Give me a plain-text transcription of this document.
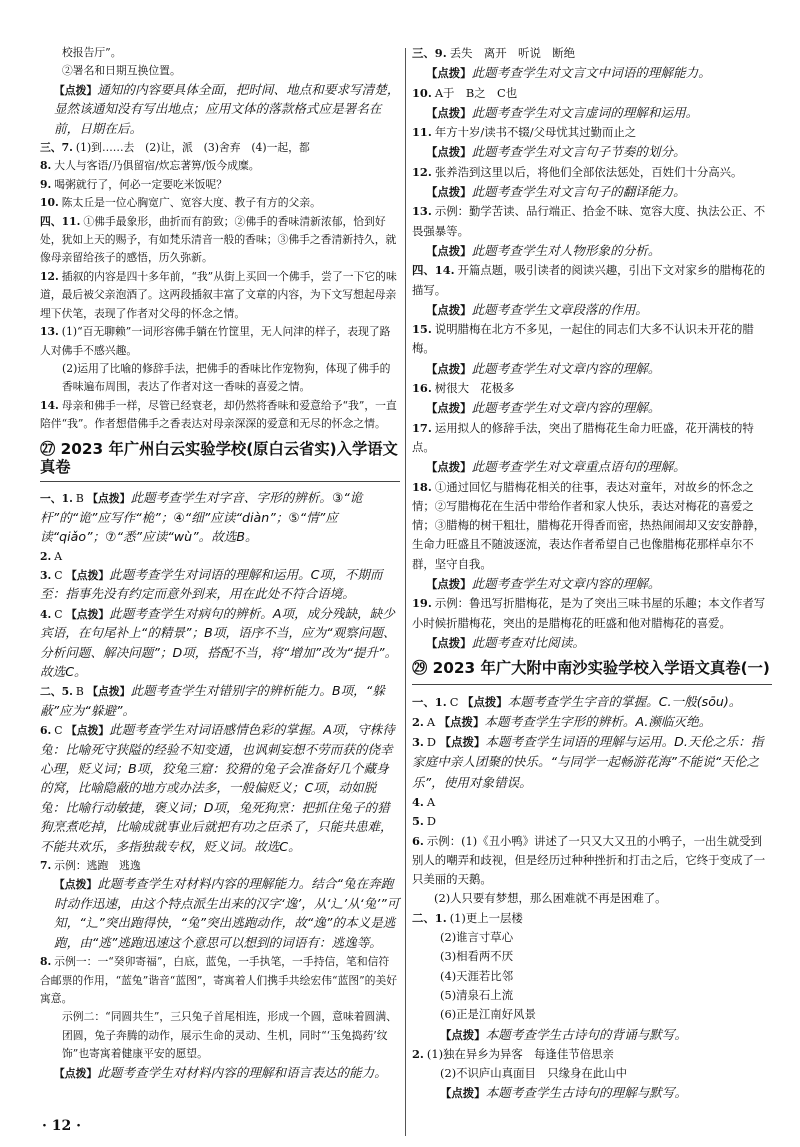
校报告厅”。

②署名和日期互换位置。

【点拨】通知的内容要具体全面，把时间、地点和要求写清楚，显然该通知没有写出地点；应用文体的落款格式应是署名在前，日期在后。

三、7. (1)到……去　(2)让，派　(3)舍弃　(4)一起，都

8. 大人与客语/乃俱留宿/炊忘著箅/饭今成糜。

9. 喝粥就行了，何必一定要吃米饭呢？

10. 陈太丘是一位心胸宽广、宽容大度、教子有方的父亲。

四、11. ①佛手最象形，曲折而有韵致；②佛手的香味清新浓郁，恰到好处，犹如上天的赐予，有如梵乐清音一般的香味；③佛手之香清新持久，就像母亲留给孩子的感悟，历久弥新。

12. 插叙的内容是四十多年前，“我”从街上买回一个佛手，尝了一下它的味道，最后被父亲泡酒了。这两段插叙丰富了文章的内容，为下文写想起母亲埋下伏笔，表现了作者对父母的怀念之情。

13. (1)“百无聊赖”一词形容佛手躺在竹筐里，无人问津的样子，表现了路人对佛手不感兴趣。

(2)运用了比喻的修辞手法，把佛手的香味比作宠物狗，体现了佛手的香味遍布周围，表达了作者对这一香味的喜爱之情。

14. 母亲和佛手一样，尽管已经衰老，却仍然将香味和爱意给予“我”，一直陪伴“我”。作者想借佛手之香表达对母亲深深的爱意和无尽的怀念之情。

㉗ 2023 年广州白云实验学校(原白云省实)入学语文真卷

一、1. B 【点拨】此题考查学生对字音、字形的辨析。③“诡杆”的“诡”应写作“桅”；④“细”应读“diàn”；⑤“情”应读“qiǎo”；⑦“悉”应读“wù”。故选B。

2. A

3. C 【点拨】此题考查学生对词语的理解和运用。C项，不期而至：指事先没有约定而意外到来，用在此处不符合语境。

4. C 【点拨】此题考查学生对病句的辨析。A项，成分残缺，缺少宾语，在句尾补上“的精景”；B项，语序不当，应为“观察问题、分析问题、解决问题”；D项，搭配不当，将“增加”改为“提升”。故选C。

二、5. B 【点拨】此题考查学生对错别字的辨析能力。B项，“躲蔽”应为“躲避”。

6. C 【点拨】此题考查学生对词语感情色彩的掌握。A项，守株待兔：比喻死守狭隘的经验不知变通，也讽刺妄想不劳而获的侥幸心理，贬义词；B项，狡兔三窟：狡猾的兔子会准备好几个藏身的窝，比喻隐蔽的地方或办法多，一般偏贬义；C项，动如脱兔：比喻行动敏捷，褒义词；D项，兔死狗烹：把抓住兔子的猎狗烹煮吃掉，比喻成就事业后就把有功之臣杀了，只能共患难，不能共欢乐，多指独裁专权，贬义词。故选C。

7. 示例：逃跑　逃逸

【点拨】此题考查学生对材料内容的理解能力。结合“兔在奔跑时动作迅速，由这个特点派生出来的汉字‘逸’，从‘辶’从‘兔’”可知，“辶”突出跑得快，“兔”突出逃跑动作，故“逸”的本义是逃跑，由“逃”逃跑迅速这个意思可以想到的词语有：逃逸等。

8. 示例一：一“癸卯寄福”，白底，蓝兔，一手执笔，一手持信，笔和信符合邮票的作用，“蓝兔”谐音“蓝图”，寄寓着人们携手共绘宏伟“蓝图”的美好寓意。

示例二：“同圆共生”，三只兔子首尾相连，形成一个圆，意味着圆满、团圆，兔子奔腾的动作，展示生命的灵动、生机，同时“‘玉兔捣药’纹饰”也寄寓着健康平安的愿望。

【点拨】此题考查学生对材料内容的理解和语言表达的能力。

三、9. 丢失　离开　听说　断绝

【点拨】此题考查学生对文言文中词语的理解能力。

10. A于　B之　C也

【点拨】此题考查学生对文言虚词的理解和运用。

11. 年方十岁/读书不辍/父母忧其过勤而止之

【点拨】此题考查学生对文言句子节奏的划分。

12. 张养浩到这里以后，将他们全部依法惩处，百姓们十分高兴。

【点拨】此题考查学生对文言句子的翻译能力。

13. 示例：勤学苦读、品行端正、拾金不昧、宽容大度、执法公正、不畏强暴等。

【点拨】此题考查学生对人物形象的分析。

四、14. 开篇点题，吸引读者的阅读兴趣，引出下文对家乡的腊梅花的描写。

【点拨】此题考查学生文章段落的作用。

15. 说明腊梅在北方不多见，一起住的同志们大多不认识未开花的腊梅。

【点拨】此题考查学生对文章内容的理解。

16. 树很大　花极多

【点拨】此题考查学生对文章内容的理解。

17. 运用拟人的修辞手法，突出了腊梅花生命力旺盛，花开满枝的特点。

【点拨】此题考查学生对文章重点语句的理解。

18. ①通过回忆与腊梅花相关的往事，表达对童年，对故乡的怀念之情；②写腊梅花在生活中带给作者和家人快乐，表达对梅花的喜爱之情；③腊梅的树干粗壮，腊梅花开得香而密，热热闹闹却又安安静静，生命力旺盛且不随波逐流，表达作者希望自己也像腊梅花那样卓尔不群，坚守自我。

【点拨】此题考查学生对文章内容的理解。

19. 示例：鲁迅写折腊梅花，是为了突出三味书屋的乐趣；本文作者写小时候折腊梅花，突出的是腊梅花的旺盛和他对腊梅花的喜爱。

【点拨】此题考查对比阅读。

㉙ 2023 年广大附中南沙实验学校入学语文真卷(一)

一、1. C 【点拨】本题考查学生字音的掌握。C.一般(sōu)。

2. A 【点拨】本题考查学生字形的辨析。A.濒临灭绝。

3. D 【点拨】本题考查学生词语的理解与运用。D.天伦之乐：指家庭中亲人团聚的快乐。“与同学一起畅游花海”不能说“天伦之乐”，使用对象错误。

4. A

5. D

6. 示例：(1)《丑小鸭》讲述了一只又大又丑的小鸭子，一出生就受到别人的嘲弄和歧视，但是经历过种种挫折和打击之后，它终于变成了一只美丽的天鹅。

(2)人只要有梦想，那么困难就不再是困难了。

二、1. (1)更上一层楼

(2)谁言寸草心

(3)相看两不厌

(4)天涯若比邻

(5)清泉石上流

(6)正是江南好风景

【点拨】本题考查学生古诗句的背诵与默写。

2. (1)独在异乡为异客　每逢佳节倍思亲

(2)不识庐山真面目　只缘身在此山中

【点拨】本题考查学生古诗句的理解与默写。

· 12 ·
